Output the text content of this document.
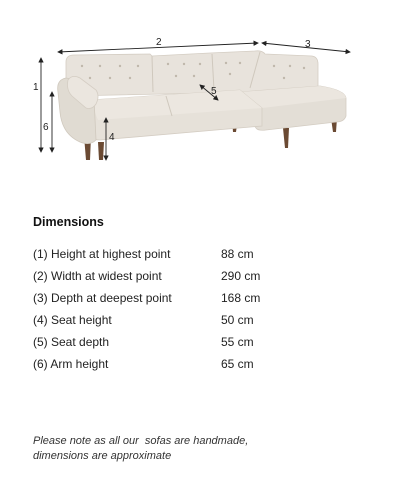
1
2	3
4
5
6
Dimensions
(1) Height at highest point	88 cm
(2) Width at widest point	290 cm
(3) Depth at deepest point	168 cm
(4) Seat height	50 cm
(5) Seat depth	55 cm
(6) Arm height	65 cm
Please note as all our  sofas are handmade,
dimensions are approximate
